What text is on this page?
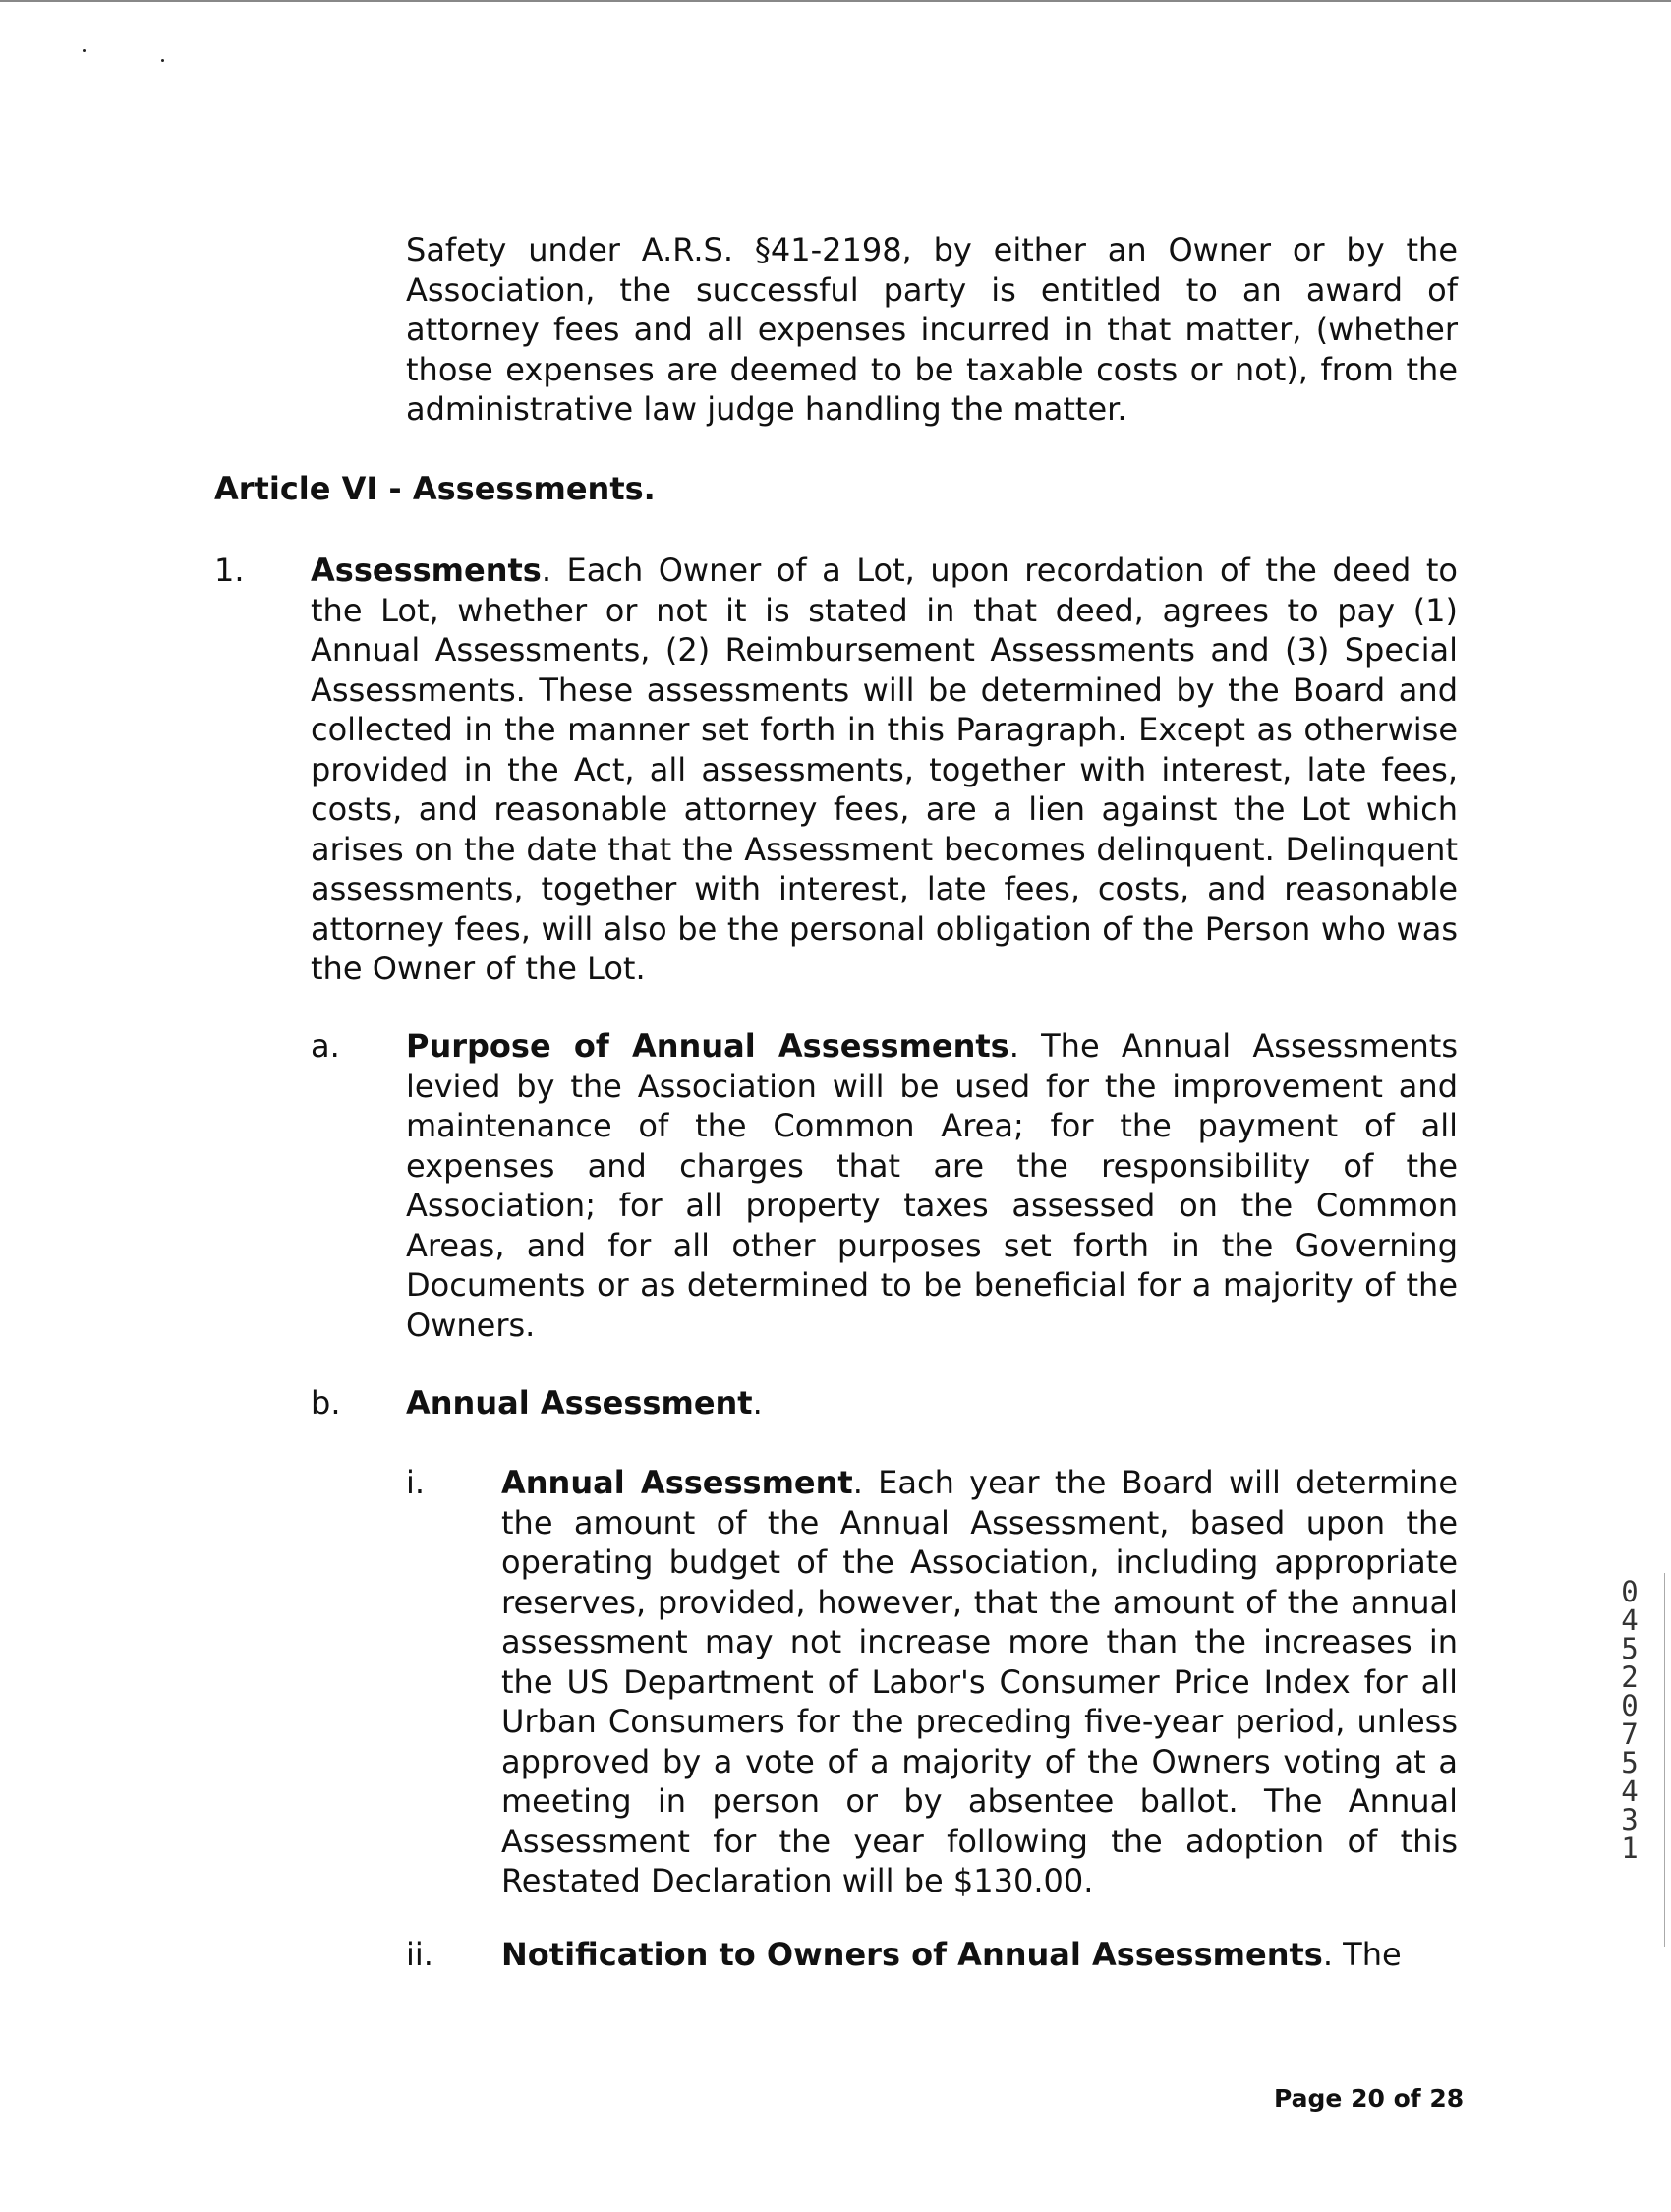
Safety under A.R.S. §41-2198, by either an Owner or by the Association, the successful party is entitled to an award of attorney fees and all expenses incurred in that matter, (whether those expenses are deemed to be taxable costs or not), from the administrative law judge handling the matter.
Article VI - Assessments.
1. Assessments. Each Owner of a Lot, upon recordation of the deed to the Lot, whether or not it is stated in that deed, agrees to pay (1) Annual Assessments, (2) Reimbursement Assessments and (3) Special Assessments. These assessments will be determined by the Board and collected in the manner set forth in this Paragraph. Except as otherwise provided in the Act, all assessments, together with interest, late fees, costs, and reasonable attorney fees, are a lien against the Lot which arises on the date that the Assessment becomes delinquent. Delinquent assessments, together with interest, late fees, costs, and reasonable attorney fees, will also be the personal obligation of the Person who was the Owner of the Lot.
a. Purpose of Annual Assessments. The Annual Assessments levied by the Association will be used for the improvement and maintenance of the Common Area; for the payment of all expenses and charges that are the responsibility of the Association; for all property taxes assessed on the Common Areas, and for all other purposes set forth in the Governing Documents or as determined to be beneficial for a majority of the Owners.
b. Annual Assessment.
i. Annual Assessment. Each year the Board will determine the amount of the Annual Assessment, based upon the operating budget of the Association, including appropriate reserves, provided, however, that the amount of the annual assessment may not increase more than the increases in the US Department of Labor's Consumer Price Index for all Urban Consumers for the preceding five-year period, unless approved by a vote of a majority of the Owners voting at a meeting in person or by absentee ballot. The Annual Assessment for the year following the adoption of this Restated Declaration will be $130.00.
ii. Notification to Owners of Annual Assessments. The
Page 20 of 28
04520 75431
